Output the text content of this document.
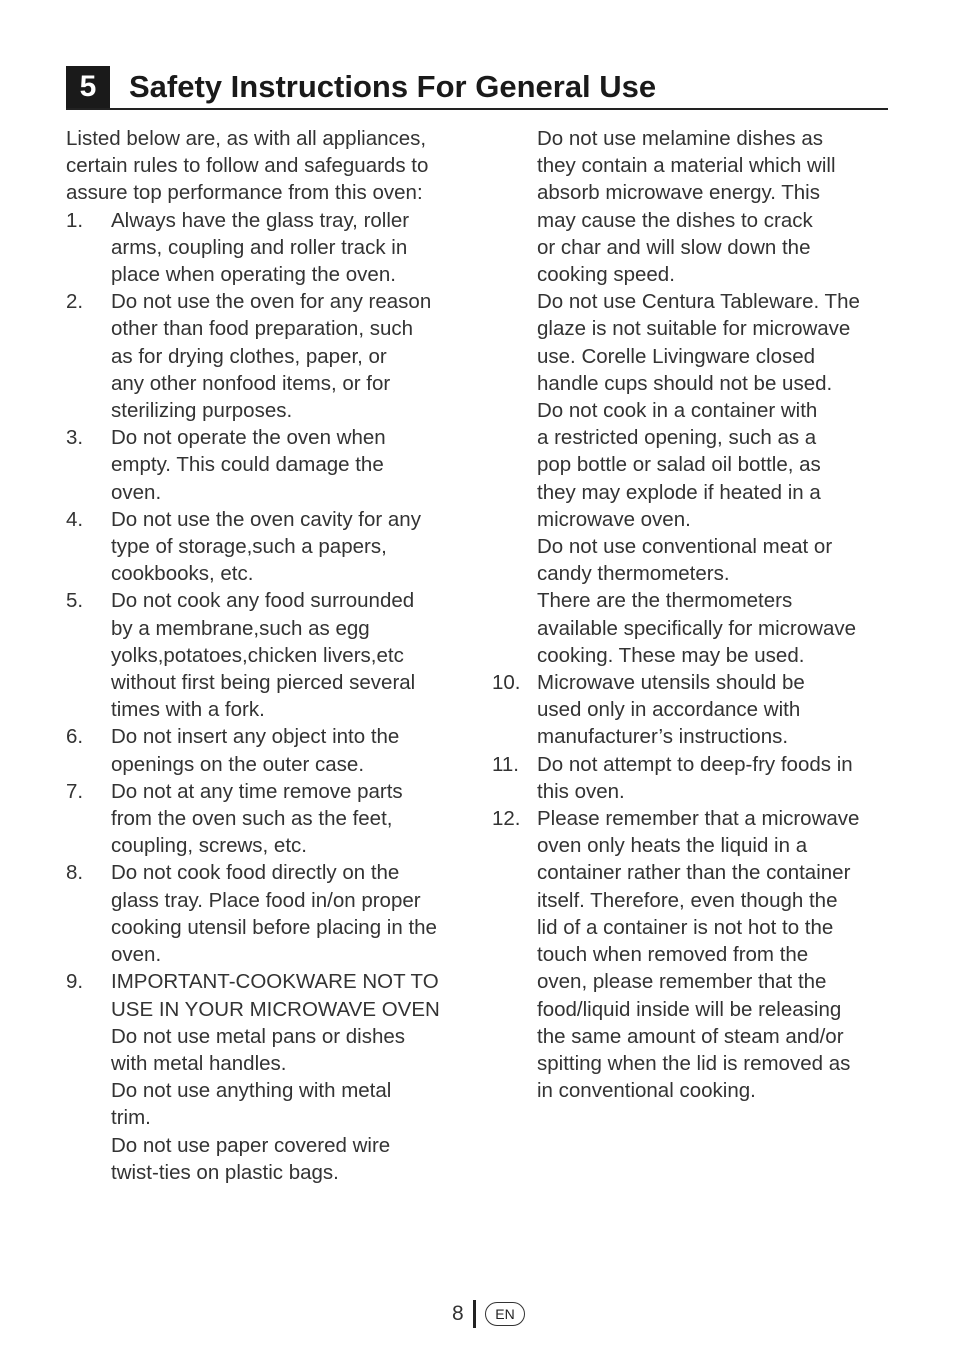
5	Safety Instructions For General Use
Listed below are, as with all appliances,
certain rules to follow and safeguards to
assure top performance from this oven:
1.	Always have the glass tray, roller
arms, coupling and roller track in
place when operating the oven.
2.	Do not use the oven for any reason
other than food preparation, such
as for drying clothes, paper, or
any other nonfood items, or for
sterilizing purposes.
3.	Do not operate the oven when
empty. This could damage the
oven.
4.	Do not use the oven cavity for any
type of storage,such a papers,
cookbooks, etc.
5.	Do not cook any food surrounded
by a membrane,such as egg
yolks,potatoes,chicken livers,etc
without first being pierced several
times with a fork.
6.	Do not insert any object into the
openings on the outer case.
7.	Do not at any time remove parts
from the oven such as the feet,
coupling, screws, etc.
8.	Do not cook food directly on the
glass tray. Place food in/on proper
cooking utensil before placing in the
oven.
9.	IMPORTANT-COOKWARE NOT TO
USE IN YOUR MICROWAVE OVEN
Do not use metal pans or dishes
with metal handles.
Do not use anything with metal
trim.
Do not use paper covered wire
twist-ties on plastic bags.
Do not use melamine dishes as
they contain a material which will
absorb microwave energy. This
may cause the dishes to crack
or char and will slow down the
cooking speed.
Do not use Centura Tableware. The
glaze is not suitable for microwave
use. Corelle Livingware closed
handle cups should not be used.
Do not cook in a container with
a restricted opening, such as a
pop bottle or salad oil bottle, as
they may explode if heated in a
microwave oven.
Do not use conventional meat or
candy thermometers.
There are the thermometers
available specifically for microwave
cooking. These may be used.
10. Microwave utensils should be
used only in accordance with
manufacturer’s instructions.
11. Do not attempt to deep-fry foods in
this oven.
12. Please remember that a microwave
oven only heats the liquid in a
container rather than the container
itself. Therefore, even though the
lid of a container is not hot to the
touch when removed from the
oven, please remember that the
food/liquid inside will be releasing
the same amount of steam and/or
spitting when the lid is removed as
in conventional cooking.
8	EN
